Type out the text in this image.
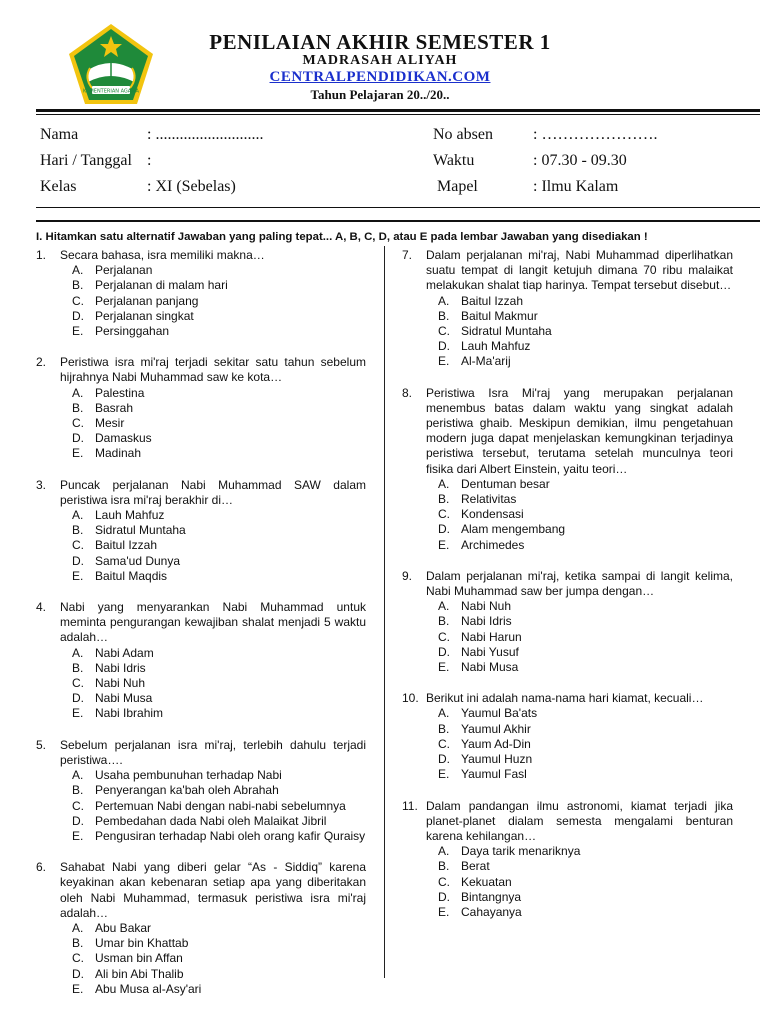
KEMENTERIAN AGAMA
PENILAIAN AKHIR SEMESTER 1
MADRASAH ALIYAH
CENTRALPENDIDIKAN.COM
Tahun Pelajaran 20../20..
Nama	: ...........................
Hari / Tanggal :
Kelas	: XI (Sebelas)
No absen	: ………………….
Waktu	: 07.30 - 09.30
Mapel	: Ilmu Kalam
I. Hitamkan satu alternatif Jawaban yang paling tepat... A, B, C, D, atau E pada lembar Jawaban yang disediakan !
1. Secara bahasa, isra memiliki makna…
A. Perjalanan
B. Perjalanan di malam hari
C. Perjalanan panjang
D. Perjalanan singkat
E. Persinggahan
2. Peristiwa isra mi'raj terjadi sekitar satu tahun sebelum hijrahnya Nabi Muhammad saw ke kota…
A. Palestina
B. Basrah
C. Mesir
D. Damaskus
E. Madinah
3. Puncak perjalanan Nabi Muhammad SAW dalam peristiwa isra mi'raj berakhir di…
A. Lauh Mahfuz
B. Sidratul Muntaha
C. Baitul Izzah
D. Sama'ud Dunya
E. Baitul Maqdis
4. Nabi yang menyarankan Nabi Muhammad untuk meminta pengurangan kewajiban shalat menjadi 5 waktu adalah…
A. Nabi Adam
B. Nabi Idris
C. Nabi Nuh
D. Nabi Musa
E. Nabi Ibrahim
5. Sebelum perjalanan isra mi'raj, terlebih dahulu terjadi peristiwa….
A. Usaha pembunuhan terhadap Nabi
B. Penyerangan ka'bah oleh Abrahah
C. Pertemuan Nabi dengan nabi-nabi sebelumnya
D. Pembedahan dada Nabi oleh Malaikat Jibril
E. Pengusiran terhadap Nabi oleh orang kafir Quraisy
6. Sahabat Nabi yang diberi gelar “As - Siddiq” karena keyakinan akan kebenaran setiap apa yang diberitakan oleh Nabi Muhammad, termasuk peristiwa isra mi'raj adalah…
A. Abu Bakar
B. Umar bin Khattab
C. Usman bin Affan
D. Ali bin Abi Thalib
E. Abu Musa al-Asy'ari
7. Dalam perjalanan mi'raj, Nabi Muhammad diperlihatkan suatu tempat di langit ketujuh dimana 70 ribu malaikat melakukan shalat tiap harinya. Tempat tersebut disebut…
A. Baitul Izzah
B. Baitul Makmur
C. Sidratul Muntaha
D. Lauh Mahfuz
E. Al-Ma'arij
8. Peristiwa Isra Mi'raj yang merupakan perjalanan menembus batas dalam waktu yang singkat adalah peristiwa ghaib. Meskipun demikian, ilmu pengetahuan modern juga dapat menjelaskan kemungkinan terjadinya peristiwa tersebut, terutama setelah munculnya teori fisika dari Albert Einstein, yaitu teori…
A. Dentuman besar
B. Relativitas
C. Kondensasi
D. Alam mengembang
E. Archimedes
9. Dalam perjalanan mi'raj, ketika sampai di langit kelima, Nabi Muhammad saw ber jumpa dengan…
A. Nabi Nuh
B. Nabi Idris
C. Nabi Harun
D. Nabi Yusuf
E. Nabi Musa
10. Berikut ini adalah nama-nama hari kiamat, kecuali…
A. Yaumul Ba'ats
B. Yaumul Akhir
C. Yaum Ad-Din
D. Yaumul Huzn
E. Yaumul Fasl
11. Dalam pandangan ilmu astronomi, kiamat terjadi jika planet-planet dialam semesta mengalami benturan karena kehilangan…
A. Daya tarik menariknya
B. Berat
C. Kekuatan
D. Bintangnya
E. Cahayanya
